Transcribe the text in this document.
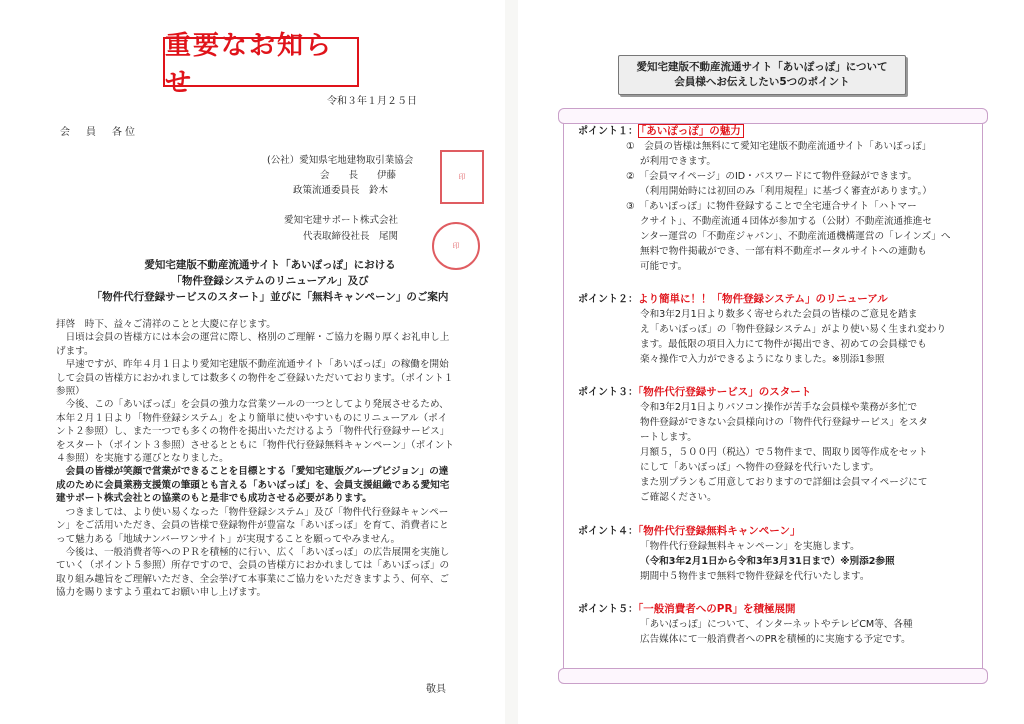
重要なお知らせ
令和３年１月２５日
会　員　各位
(公社）愛知県宅地建物取引業協会
会　　長　　伊藤
政策流通委員長　鈴木
愛知宅建サポート株式会社
代表取締役社長　尾関
印
印
愛知宅建版不動産流通サイト「あいぽっぽ」における
「物件登録システムのリニューアル」及び
「物件代行登録サービスのスタート」並びに「無料キャンペーン」のご案内

拝啓　時下、益々ご清祥のことと大慶に存じます。

日頃は会員の皆様方には本会の運営に際し、格別のご理解・ご協力を賜り厚くお礼申し上げます。

早速ですが、昨年４月１日より愛知宅建版不動産流通サイト「あいぽっぽ」の稼働を開始して会員の皆様方におかれましては数多くの物件をご登録いただいております。（ポイント１参照）

今後、この「あいぽっぽ」を会員の強力な営業ツールの一つとしてより発展させるため、本年２月１日より「物件登録システム」をより簡単に使いやすいものにリニューアル（ポイント２参照）し、また一つでも多くの物件を掲出いただけるよう「物件代行登録サービス」をスタート（ポイント３参照）させるとともに「物件代行登録無料キャンペーン」（ポイント４参照）を実施する運びとなりました。

会員の皆様が笑顔で営業ができることを目標とする「愛知宅建版グループビジョン」の達成のために会員業務支援策の筆頭とも言える「あいぽっぽ」を、会員支援組織である愛知宅建サポート株式会社との協業のもと是非でも成功させる必要があります。

つきましては、より使い易くなった「物件登録システム」及び「物件代行登録キャンペーン」をご活用いただき、会員の皆様で登録物件が豊富な「あいぽっぽ」を育て、消費者にとって魅力ある「地域ナンバーワンサイト」が実現することを願ってやみません。

今後は、一般消費者等へのＰＲを積極的に行い、広く「あいぽっぽ」の広告展開を実施していく（ポイント５参照）所存ですので、会員の皆様方におかれましては「あいぽっぽ」の取り組み趣旨をご理解いただき、全会挙げて本事業にご協力をいただきますよう、何卒、ご協力を賜りますよう重ねてお願い申し上げます。

敬具
愛知宅建版不動産流通サイト「あいぽっぽ」について
会員様へお伝えしたい5つのポイント
ポイント１： 「あいぽっぽ」の魅力
①　会員の皆様は無料にて愛知宅建版不動産流通サイト「あいぽっぽ」
が利用できます。
②　「会員マイページ」のID・パスワードにて物件登録ができます。
（利用開始時には初回のみ「利用規程」に基づく審査があります。）
③　「あいぽっぽ」に物件登録することで全宅連合サイト「ハトマー
クサイト」、不動産流通４団体が参加する（公財）不動産流通推進セ
ンター運営の「不動産ジャパン」、不動産流通機構運営の「レインズ」へ
無料で物件掲載ができ、一部有料不動産ポータルサイトへの連動も
可能です。
ポイント２：より簡単に！！「物件登録システム」のリニューアル
令和3年2月1日より数多く寄せられた会員の皆様のご意見を踏ま
え「あいぽっぽ」の「物件登録システム」がより使い易く生まれ変わり
ます。最低限の項目入力にて物件が掲出でき、初めての会員様でも
楽々操作で入力ができるようになりました。※別添1参照
ポイント３：「物件代行登録サービス」のスタート
令和3年2月1日よりパソコン操作が苦手な会員様や業務が多忙で
物件登録ができない会員様向けの「物件代行登録サービス」をスタ
ートします。
月額５，５００円（税込）で５物件まで、間取り図等作成をセット
にして「あいぽっぽ」へ物件の登録を代行いたします。
また別プランもご用意しておりますので詳細は会員マイページにて
ご確認ください。
ポイント４：「物件代行登録無料キャンペーン」
「物件代行登録無料キャンペーン」を実施します。
（令和3年2月1日から令和3年3月31日まで）※別添2参照
期間中５物件まで無料で物件登録を代行いたします。
ポイント５：「一般消費者へのPR」を積極展開
「あいぽっぽ」について、インターネットやテレビCM等、各種
広告媒体にて一般消費者へのPRを積極的に実施する予定です。
